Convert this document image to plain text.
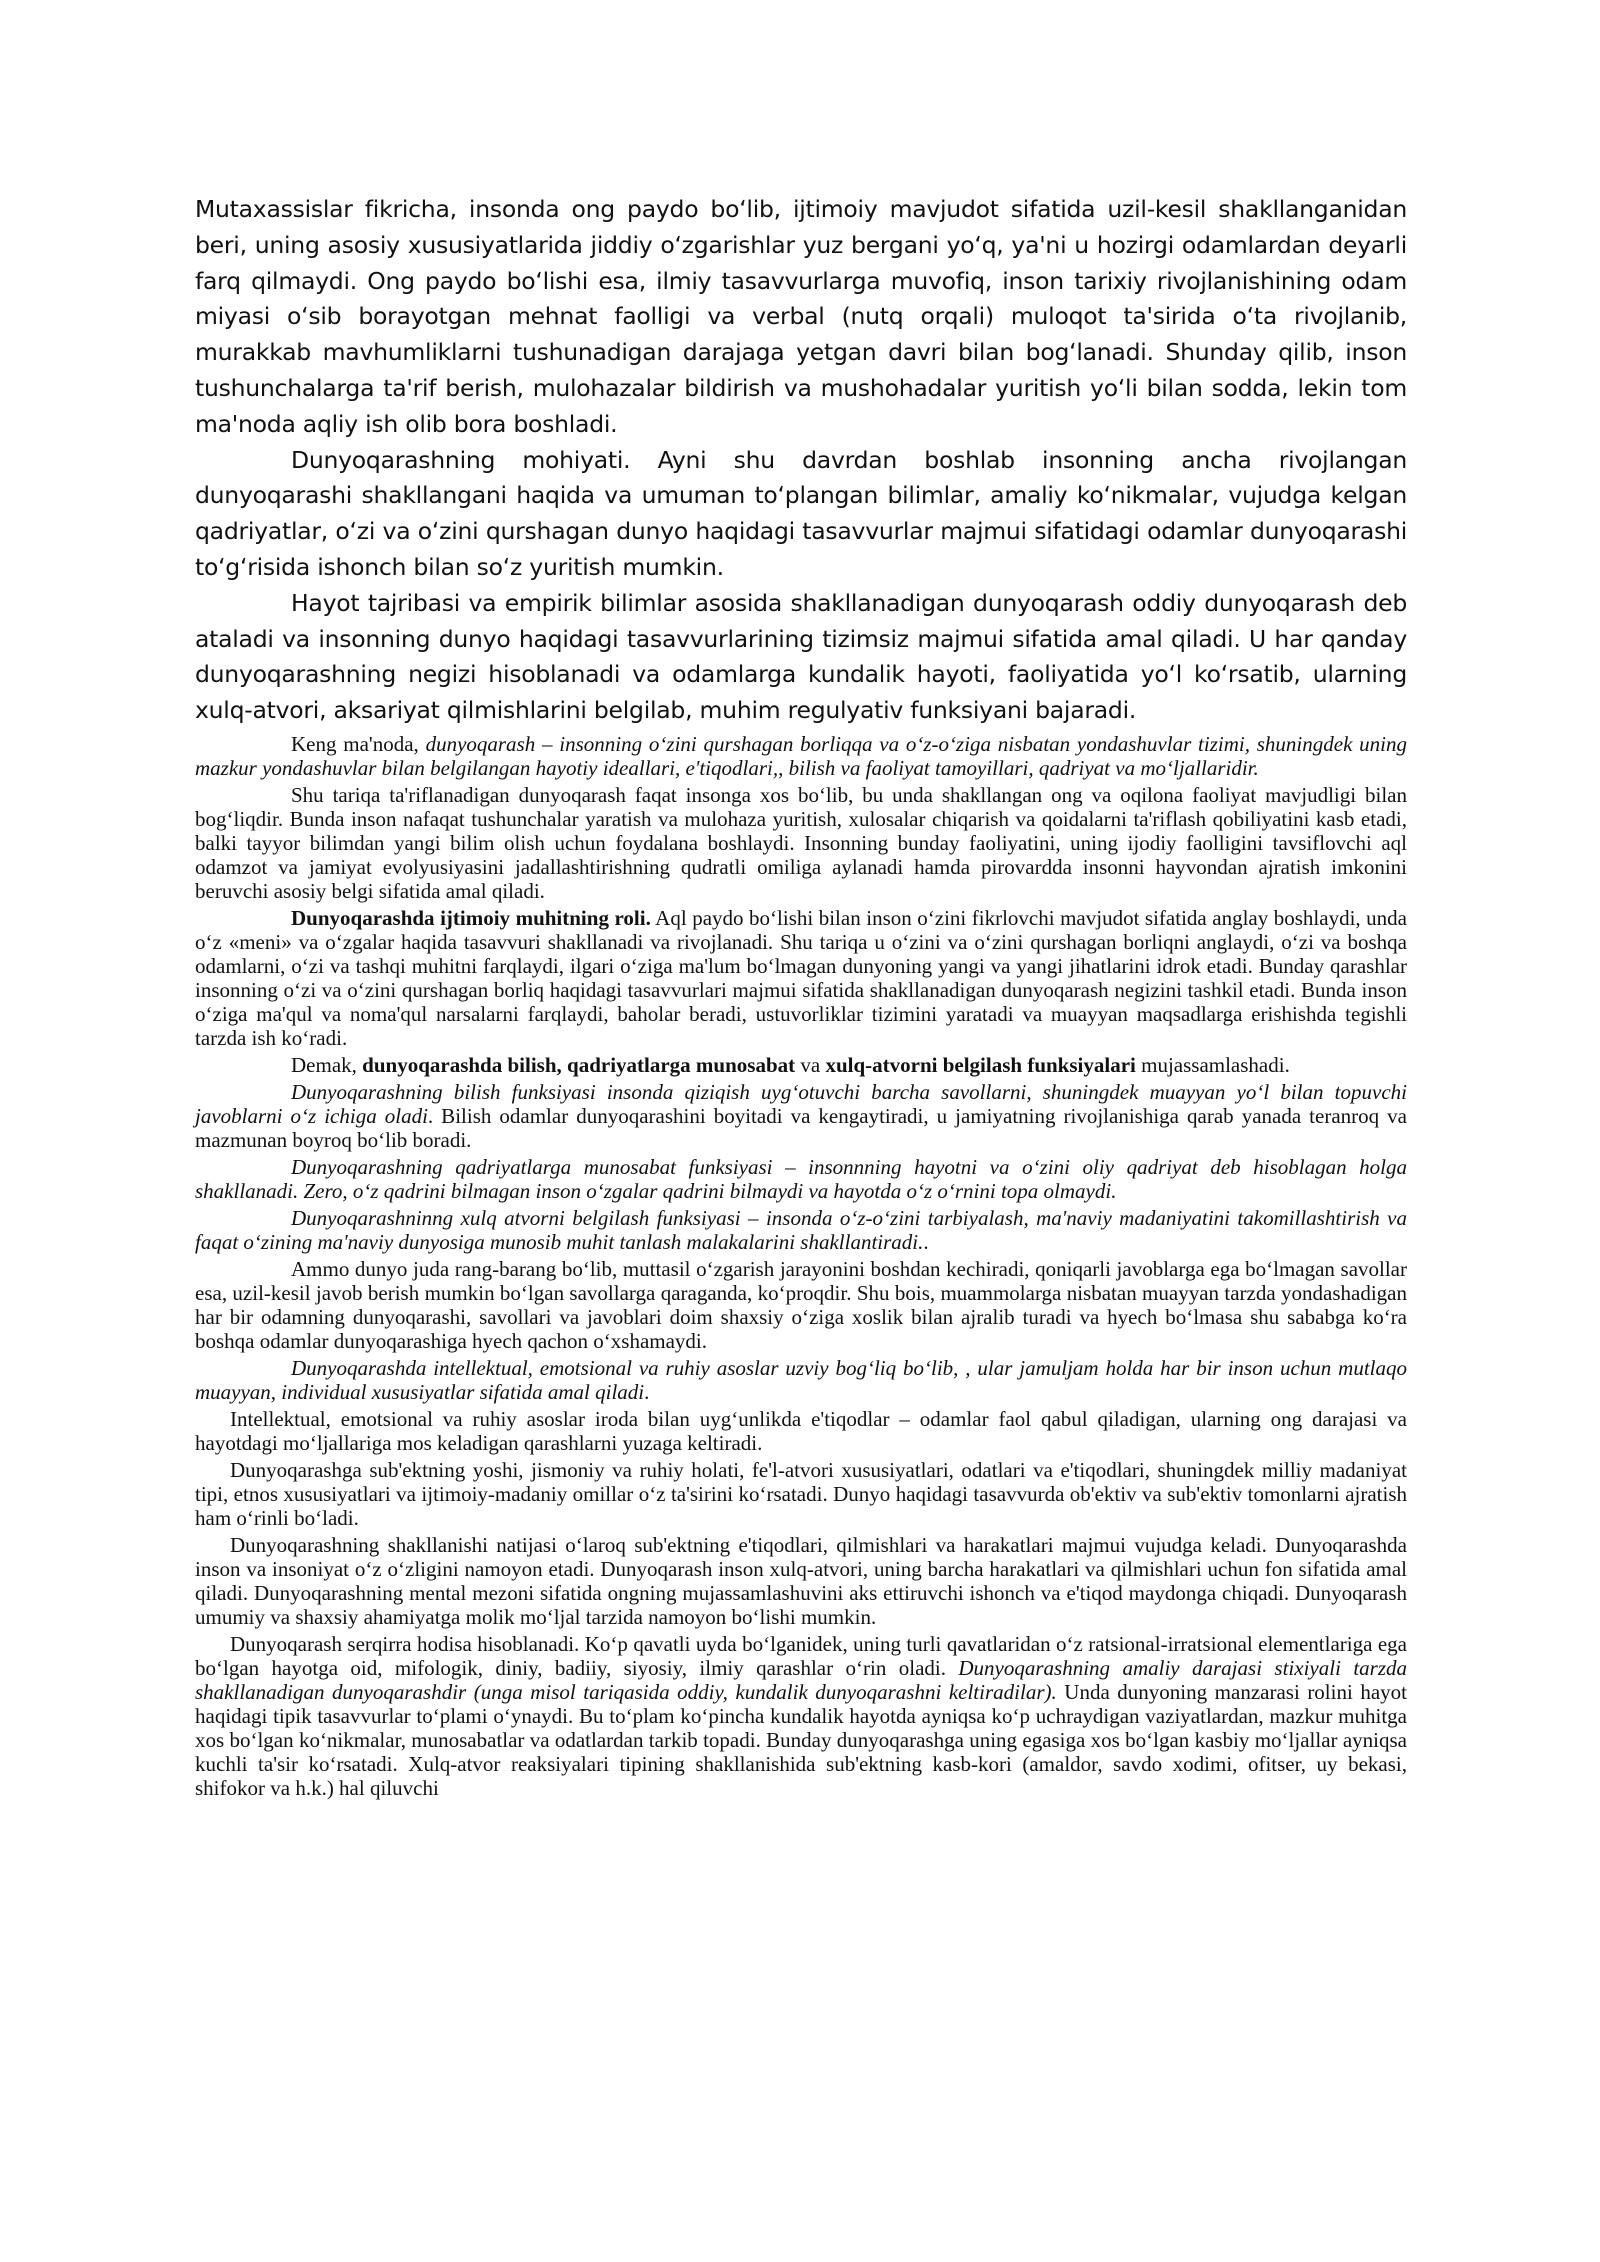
Mutaxassislar fikricha, insonda ong paydo boʻlib, ijtimoiy mavjudot sifatida uzil-kesil shakllanganidan beri, uning asosiy xususiyatlarida jiddiy oʻzgarishlar yuz bergani yoʻq, ya'ni u hozirgi odamlardan deyarli farq qilmaydi. Ong paydo boʻlishi esa, ilmiy tasavvurlarga muvofiq, inson tarixiy rivojlanishining odam miyasi oʻsib borayotgan mehnat faolligi va verbal (nutq orqali) muloqot ta'sirida oʻta rivojlanib, murakkab mavhumliklarni tushunadigan darajaga yetgan davri bilan bogʻlanadi. Shunday qilib, inson tushunchalarga ta'rif berish, mulohazalar bildirish va mushohadalar yuritish yoʻli bilan sodda, lekin tom ma'noda aqliy ish olib bora boshladi.

Dunyoqarashning mohiyati. Ayni shu davrdan boshlab insonning ancha rivojlangan dunyoqarashi shakllangani haqida va umuman toʻplangan bilimlar, amaliy koʻnikmalar, vujudga kelgan qadriyatlar, oʻzi va oʻzini qurshagan dunyo haqidagi tasavvurlar majmui sifatidagi odamlar dunyoqarashi toʻgʻrisida ishonch bilan soʻz yuritish mumkin.

Hayot tajribasi va empirik bilimlar asosida shakllanadigan dunyoqarash oddiy dunyoqarash deb ataladi va insonning dunyo haqidagi tasavvurlarining tizimsiz majmui sifatida amal qiladi. U har qanday dunyoqarashning negizi hisoblanadi va odamlarga kundalik hayoti, faoliyatida yoʻl koʻrsatib, ularning xulq-atvori, aksariyat qilmishlarini belgilab, muhim regulyativ funksiyani bajaradi.

Keng ma'noda, dunyoqarash – insonning oʻzini qurshagan borliqqa va oʻz-oʻziga nisbatan yondashuvlar tizimi, shuningdek uning mazkur yondashuvlar bilan belgilangan hayotiy ideallari, e'tiqodlari,, bilish va faoliyat tamoyillari, qadriyat va moʻljallaridir.

Shu tariqa ta'riflanadigan dunyoqarash faqat insonga xos boʻlib, bu unda shakllangan ong va oqilona faoliyat mavjudligi bilan bogʻliqdir. Bunda inson nafaqat tushunchalar yaratish va mulohaza yuritish, xulosalar chiqarish va qoidalarni ta'riflash qobiliyatini kasb etadi, balki tayyor bilimdan yangi bilim olish uchun foydalana boshlaydi. Insonning bunday faoliyatini, uning ijodiy faolligini tavsiflovchi aql odamzot va jamiyat evolyusiyasini jadallashtirishning qudratli omiliga aylanadi hamda pirovardda insonni hayvondan ajratish imkonini beruvchi asosiy belgi sifatida amal qiladi.

Dunyoqarashda ijtimoiy muhitning roli. Aql paydo boʻlishi bilan inson oʻzini fikrlovchi mavjudot sifatida anglay boshlaydi, unda oʻz «meni» va oʻzgalar haqida tasavvuri shakllanadi va rivojlanadi. Shu tariqa u oʻzini va oʻzini qurshagan borliqni anglaydi, oʻzi va boshqa odamlarni, oʻzi va tashqi muhitni farqlaydi, ilgari oʻziga ma'lum boʻlmagan dunyoning yangi va yangi jihatlarini idrok etadi. Bunday qarashlar insonning oʻzi va oʻzini qurshagan borliq haqidagi tasavvurlari majmui sifatida shakllanadigan dunyoqarash negizini tashkil etadi. Bunda inson oʻziga ma'qul va noma'qul narsalarni farqlaydi, baholar beradi, ustuvorliklar tizimini yaratadi va muayyan maqsadlarga erishishda tegishli tarzda ish koʻradi.

Demak, dunyoqarashda bilish, qadriyatlarga munosabat va xulq-atvorni belgilash funksiyalari mujassamlashadi.

Dunyoqarashning bilish funksiyasi insonda qiziqish uygʻotuvchi barcha savollarni, shuningdek muayyan yoʻl bilan topuvchi javoblarni oʻz ichiga oladi. Bilish odamlar dunyoqarashini boyitadi va kengaytiradi, u jamiyatning rivojlanishiga qarab yanada teranroq va mazmunan boyroq boʻlib boradi.

Dunyoqarashning qadriyatlarga munosabat funksiyasi – insonnning hayotni va oʻzini oliy qadriyat deb hisoblagan holga shakllanadi. Zero, oʻz qadrini bilmagan inson oʻzgalar qadrini bilmaydi va hayotda oʻz oʻrnini topa olmaydi.

Dunyoqarashninng xulq atvorni belgilash funksiyasi – insonda oʻz-oʻzini tarbiyalash, ma'naviy madaniyatini takomillashtirish va faqat oʻzining ma'naviy dunyosiga munosib muhit tanlash malakalarini shakllantiradi..

Ammo dunyo juda rang-barang boʻlib, muttasil oʻzgarish jarayonini boshdan kechiradi, qoniqarli javoblarga ega boʻlmagan savollar esa, uzil-kesil javob berish mumkin boʻlgan savollarga qaraganda, koʻproqdir. Shu bois, muammolarga nisbatan muayyan tarzda yondashadigan har bir odamning dunyoqarashi, savollari va javoblari doim shaxsiy oʻziga xoslik bilan ajralib turadi va hyech boʻlmasa shu sababga koʻra boshqa odamlar dunyoqarashiga hyech qachon oʻxshamaydi.

Dunyoqarashda intellektual, emotsional va ruhiy asoslar uzviy bogʻliq boʻlib, , ular jamuljam holda har bir inson uchun mutlaqo muayyan, individual xususiyatlar sifatida amal qiladi.

Intellektual, emotsional va ruhiy asoslar iroda bilan uygʻunlikda e'tiqodlar – odamlar faol qabul qiladigan, ularning ong darajasi va hayotdagi moʻljallariga mos keladigan qarashlarni yuzaga keltiradi.

Dunyoqarashga sub'ektning yoshi, jismoniy va ruhiy holati, fe'l-atvori xususiyatlari, odatlari va e'tiqodlari, shuningdek milliy madaniyat tipi, etnos xususiyatlari va ijtimoiy-madaniy omillar oʻz ta'sirini koʻrsatadi. Dunyo haqidagi tasavvurda ob'ektiv va sub'ektiv tomonlarni ajratish ham oʻrinli boʻladi.

Dunyoqarashning shakllanishi natijasi oʻlaroq sub'ektning e'tiqodlari, qilmishlari va harakatlari majmui vujudga keladi. Dunyoqarashda inson va insoniyat oʻz oʻzligini namoyon etadi. Dunyoqarash inson xulq-atvori, uning barcha harakatlari va qilmishlari uchun fon sifatida amal qiladi. Dunyoqarashning mental mezoni sifatida ongning mujassamlashuvini aks ettiruvchi ishonch va e'tiqod maydonga chiqadi. Dunyoqarash umumiy va shaxsiy ahamiyatga molik moʻljal tarzida namoyon boʻlishi mumkin.

Dunyoqarash serqirra hodisa hisoblanadi. Koʻp qavatli uyda boʻlganidek, uning turli qavatlaridan oʻz ratsional-irratsional elementlariga ega boʻlgan hayotga oid, mifologik, diniy, badiiy, siyosiy, ilmiy qarashlar oʻrin oladi. Dunyoqarashning amaliy darajasi stixiyali tarzda shakllanadigan dunyoqarashdir (unga misol tariqasida oddiy, kundalik dunyoqarashni keltiradilar). Unda dunyoning manzarasi rolini hayot haqidagi tipik tasavvurlar toʻplami oʻynaydi. Bu toʻplam koʻpincha kundalik hayotda ayniqsa koʻp uchraydigan vaziyatlardan, mazkur muhitga xos boʻlgan koʻnikmalar, munosabatlar va odatlardan tarkib topadi. Bunday dunyoqarashga uning egasiga xos boʻlgan kasbiy moʻljallar ayniqsa kuchli ta'sir koʻrsatadi. Xulq-atvor reaksiyalari tipining shakllanishida sub'ektning kasb-kori (amaldor, savdo xodimi, ofitser, uy bekasi, shifokor va h.k.) hal qiluvchi
